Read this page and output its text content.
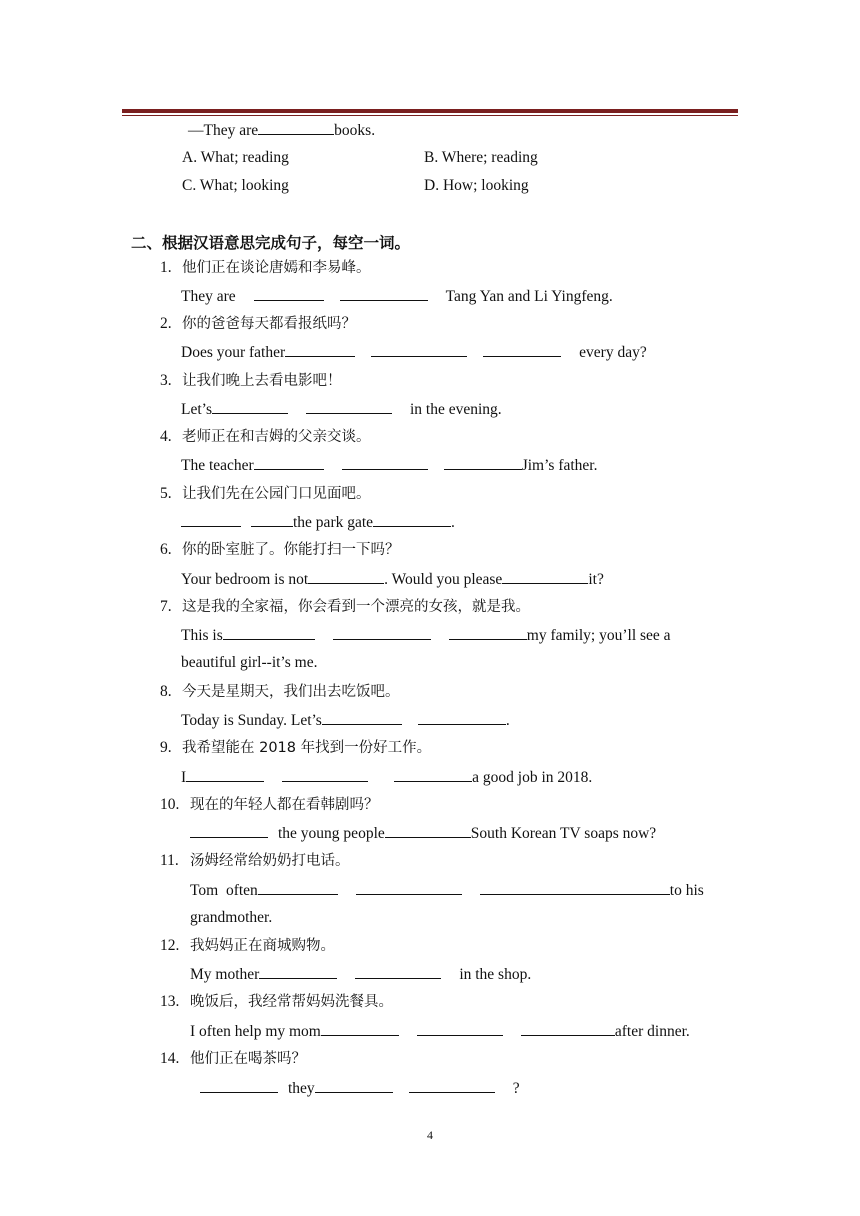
—They are	books.
A. What; reading	B. Where; reading
C. What; looking	D. How; looking
二、根据汉语意思完成句子，每空一词。
1. 他们正在谈论唐嫣和李易峰。
They are	Tang Yan and Li Yingfeng.
2. 你的爸爸每天都看报纸吗？
Does your father	every day?
3. 让我们晚上去看电影吧！
Let’s	in the evening.
4. 老师正在和吉姆的父亲交谈。
The teacher	Jim’s father.
5. 让我们先在公园门口见面吧。
the park gate	.
6. 你的卧室脏了。你能打扫一下吗？
Your bedroom is not	. Would you please	it?
7. 这是我的全家福，你会看到一个漂亮的女孩，就是我。
This is	my family; you’ll see a
beautiful girl--it’s me.
8. 今天是星期天，我们出去吃饭吧。
Today is Sunday. Let’s	.
9. 我希望能在 2018 年找到一份好工作。
I	a good job in 2018.
10. 现在的年轻人都在看韩剧吗？
the young people	South Korean TV soaps now?
11. 汤姆经常给奶奶打电话。
Tom  often	to his
grandmother.
12. 我妈妈正在商城购物。
My mother	in the shop.
13. 晚饭后，我经常帮妈妈洗餐具。
I often help my mom	after dinner.
14. 他们正在喝茶吗？
they	?
4
